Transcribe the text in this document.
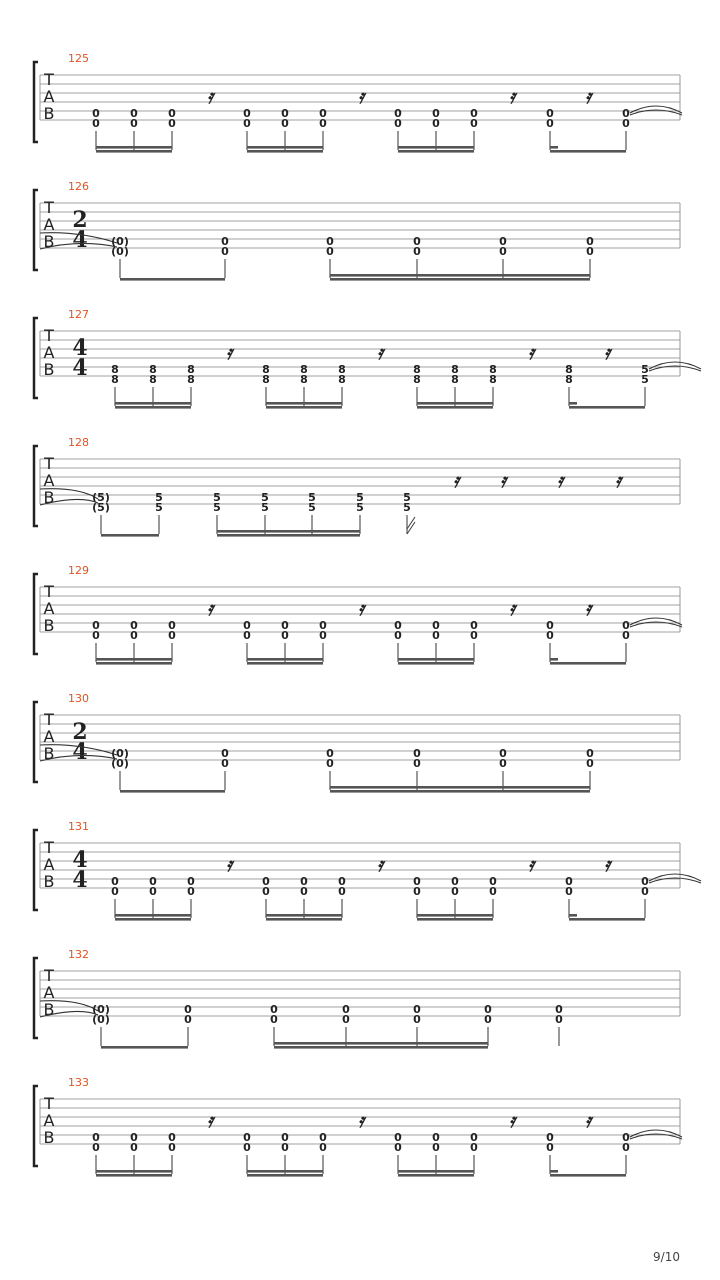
T
A
B
125
0
0
0
0
0
0
𝄿
0
0
0
0
0
0
𝄿
0
0
0
0
0
0
𝄿
0
0
𝄿
0
0
T
A
B
126
2
4 (0)
(0)
0
0
0
0
0
0
0
0
0
0
T
A
B
127
4
4 8
8
8
8
8
8
𝄿
8
8
8
8
8
8
𝄿
8
8
8
8
8
8
𝄿
8
8
𝄿
5
5
T
A
B
128
(5)
(5)
5
5
5
5
5
5
5
5
5
5
5
5
𝄿 𝄿	𝄿	𝄿
T
A
B
129
0
0
0
0
0
0
𝄿
0
0
0
0
0
0
𝄿
0
0
0
0
0
0
𝄿
0
0
𝄿
0
0
T
A
B
130
2
4 (0)
(0)
0
0
0
0
0
0
0
0
0
0
T
A
B
131
4
4 0
0
0
0
0
0
𝄿
0
0
0
0
0
0
𝄿
0
0
0
0
0
0
𝄿
0
0
𝄿
0
0
T
A
B
132
(0)
(0)
0
0
0
0
0
0
0
0
0
0
0
0
T
A
B
133
0
0
0
0
0
0
𝄿
0
0
0
0
0
0
𝄿
0
0
0
0
0
0
𝄿
0
0
𝄿
0
0
9/10
